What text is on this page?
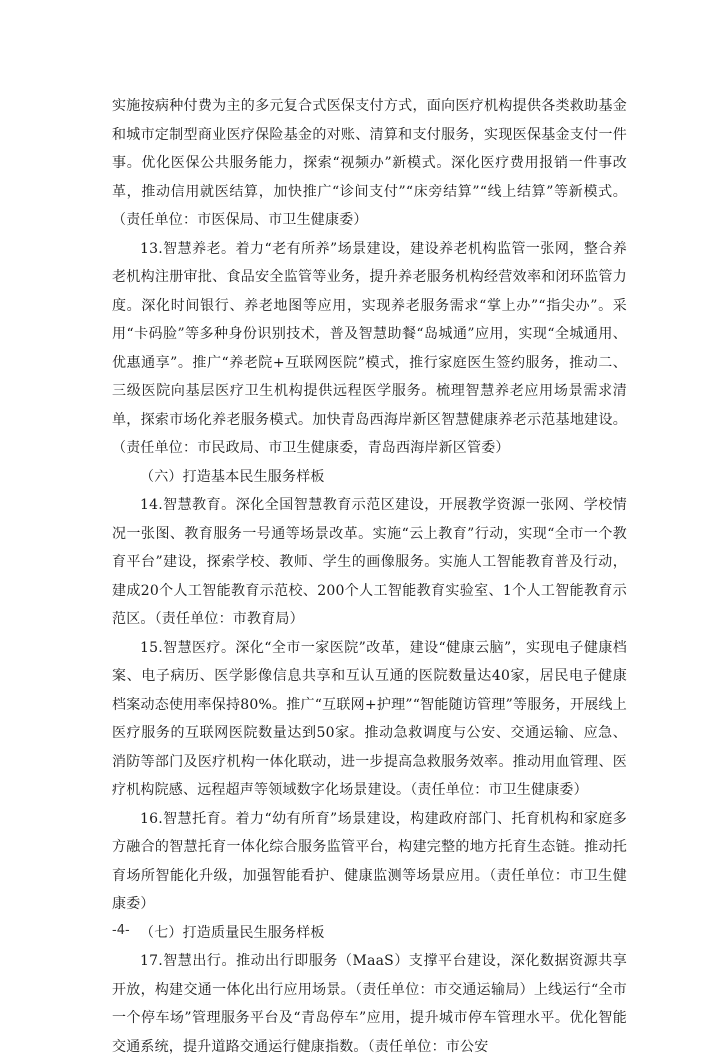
实施按病种付费为主的多元复合式医保支付方式，面向医疗机构提供各类救助基金和城市定制型商业医疗保险基金的对账、清算和支付服务，实现医保基金支付一件事。优化医保公共服务能力，探索“视频办”新模式。深化医疗费用报销一件事改革，推动信用就医结算，加快推广“诊间支付”“床旁结算”“线上结算”等新模式。（责任单位：市医保局、市卫生健康委）

13.智慧养老。着力“老有所养”场景建设，建设养老机构监管一张网，整合养老机构注册审批、食品安全监管等业务，提升养老服务机构经营效率和闭环监管力度。深化时间银行、养老地图等应用，实现养老服务需求“掌上办”“指尖办”。采用“卡码脸”等多种身份识别技术，普及智慧助餐“岛城通”应用，实现“全城通用、优惠通享”。推广“养老院+互联网医院”模式，推行家庭医生签约服务，推动二、三级医院向基层医疗卫生机构提供远程医学服务。梳理智慧养老应用场景需求清单，探索市场化养老服务模式。加快青岛西海岸新区智慧健康养老示范基地建设。（责任单位：市民政局、市卫生健康委，青岛西海岸新区管委）

（六）打造基本民生服务样板

14.智慧教育。深化全国智慧教育示范区建设，开展教学资源一张网、学校情况一张图、教育服务一号通等场景改革。实施“云上教育”行动，实现“全市一个教育平台”建设，探索学校、教师、学生的画像服务。实施人工智能教育普及行动，建成20个人工智能教育示范校、200个人工智能教育实验室、1个人工智能教育示范区。（责任单位：市教育局）

15.智慧医疗。深化“全市一家医院”改革，建设“健康云脑”，实现电子健康档案、电子病历、医学影像信息共享和互认互通的医院数量达40家，居民电子健康档案动态使用率保持80%。推广“互联网+护理”“智能随访管理”等服务，开展线上医疗服务的互联网医院数量达到50家。推动急救调度与公安、交通运输、应急、消防等部门及医疗机构一体化联动，进一步提高急救服务效率。推动用血管理、医疗机构院感、远程超声等领域数字化场景建设。（责任单位：市卫生健康委）

16.智慧托育。着力“幼有所育”场景建设，构建政府部门、托育机构和家庭多方融合的智慧托育一体化综合服务监管平台，构建完整的地方托育生态链。推动托育场所智能化升级，加强智能看护、健康监测等场景应用。（责任单位：市卫生健康委）

（七）打造质量民生服务样板

17.智慧出行。推动出行即服务（MaaS）支撑平台建设，深化数据资源共享开放，构建交通一体化出行应用场景。（责任单位：市交通运输局）上线运行“全市一个停车场”管理服务平台及“青岛停车”应用，提升城市停车管理水平。优化智能交通系统，提升道路交通运行健康指数。（责任单位：市公安

-4-
